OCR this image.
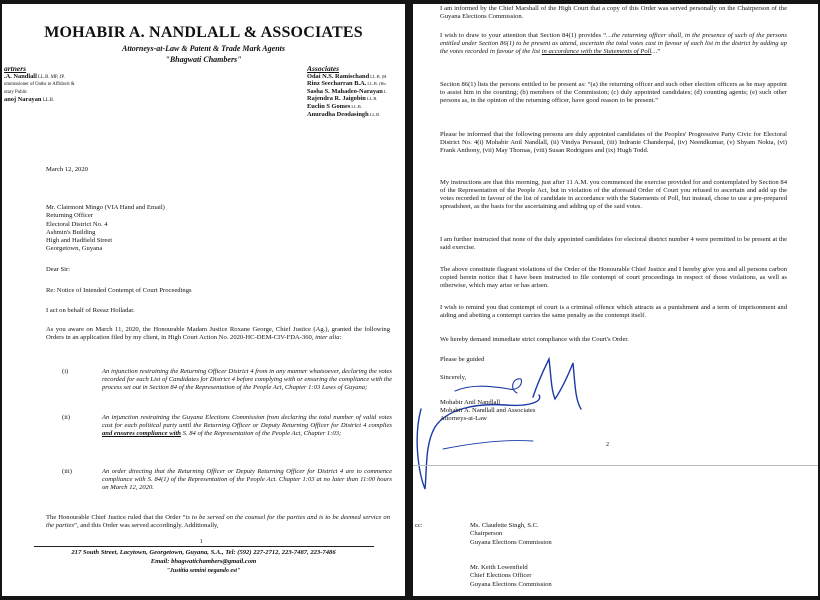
MOHABIR A. NANDLALL & ASSOCIATES
Attorneys-at-Law & Patent & Trade Mark Agents
"Bhagwati Chambers"
artners
.A. Nandlall LL.B. MP, JP.
ommissioner of Oaths to Affidavit &
otary Public
anoj Narayan LL.B.
Associates
Odai N.S. Ramischand LL.B. (H
Rinz Seecharran B.A. LL.B. (Ho
Sasha S. Mahadeo-Narayan L
Rajendra R. Jaigobin LL.B.
Euclin S Gomes LL.B.
Anuradha Deodasingh LL.B.
March 12, 2020
Mr. Clairmont Mingo (VIA Hand and Email)
Returning Officer
Electoral District No. 4
Ashmin's Building
High and Hadfield Street
Georgetown, Guyana
Dear Sir:
Re: Notice of Intended Contempt of Court Proceedings
I act on behalf of Reeaz Holladar.
As you aware on March 11, 2020, the Honourable Madam Justice Roxane George, Chief Justice (Ag.), granted the following Orders in an application filed by my client, in High Court Action No. 2020-HC-DEM-CIV-FDA-360, inter alia:
(i)	An injunction restraining the Returning Officer District 4 from in any manner whatsoever, declaring the votes recorded for each List of Candidates for District 4 before complying with or ensuring the compliance with the process set out in Section 84 of the Representation of the People Act, Chapter 1:03 Laws of Guyana;
(ii)	An injunction restraining the Guyana Elections Commission from declaring the total number of valid votes cast for each political party until the Returning Officer or Deputy Returning Officer for District 4 complies and ensures compliance with S. 84 of the Representation of the People Act, Chapter 1:03;
(iii)	An order directing that the Returning Officer or Deputy Returning Officer for District 4 are to commence compliance with S. 84(1) of the Representation of the People Act. Chapter 1:03 at no later than 11:00 hours on March 12, 2020.
The Honourable Chief Justice ruled that the Order “is to be served on the counsel for the parties and is to be deemed service on the parties”, and this Order was served accordingly. Additionally,
1
217 South Street, Lacytown, Georgetown, Guyana, S.A., Tel: (592) 227-2712, 223-7487, 223-7486
Email: bhagwatichambers@gmail.com
"Justitia semini negando est"
I am informed by the Chief Marshall of the High Court that a copy of this Order was served personally on the Chairperson of the Guyana Elections Commission.
I wish to draw to your attention that Section 84(1) provides “…the returning officer shall, in the presence of such of the persons entitled under Section 86(1) to be present as attend, ascertain the total votes cast in favour of each list in the district by adding up the votes recorded in favour of the list in accordance with the Statements of Poll…”
Section 86(1) lists the persons entitled to be present as: “(a) the returning officer and such other election officers as he may appoint to assist him in the counting; (b) members of the Commission; (c) duly appointed candidates; (d) counting agents; (e) such other persons as, in the opinion of the returning officer, have good reason to be present.”
Please be informed that the following persons are duly appointed candidates of the Peoples' Progressive Party Civic for Electoral District No. 4(i) Mohabir Anil Nandlall, (ii) Vindya Persaud, (iii) Indranie Chanderpal, (iv) Neendkumar, (v) Shyam Nokta, (vi) Frank Anthony, (vii) May Thomas, (viii) Susan Rodrigues and (ix) Hugh Todd.
My instructions are that this morning, just after 11 A.M. you commenced the exercise provided for and contemplated by Section 84 of the Representation of the People Act, but in violation of the aforesaid Order of Court you refused to ascertain and add up the votes recorded in favour of the list of candidate in accordance with the Statements of Poll, but instead, chose to use a pre-prepared spreadsheet, as the basis for the ascertaining and adding up of the said votes.
I am further instructed that none of the duly appointed candidates for electoral district number 4 were permitted to be present at the said exercise.
The above constitute flagrant violations of the Order of the Honourable Chief Justice and I hereby give you and all persons carbon copied herein notice that I have been instructed to file contempt of court proceedings in respect of those violations, as well as otherwise, which may arise or has arisen.
I wish to remind you that contempt of court is a criminal offence which attracts as a punishment and a term of imprisonment and aiding and abetting a contempt carries the same penalty as the contempt itself.
We hereby demand immediate strict compliance with the Court's Order.
Please be guided
Sincerely,
Mohabir Anil Nandlall
Mohabir A. Nandlall and Associates
Attorneys-at-Law
2
cc:	Ms. Claudette Singh, S.C.
Chairperson
Guyana Elections Commission
Mr. Keith Lowenfield
Chief Elections Officer
Guyana Elections Commission
